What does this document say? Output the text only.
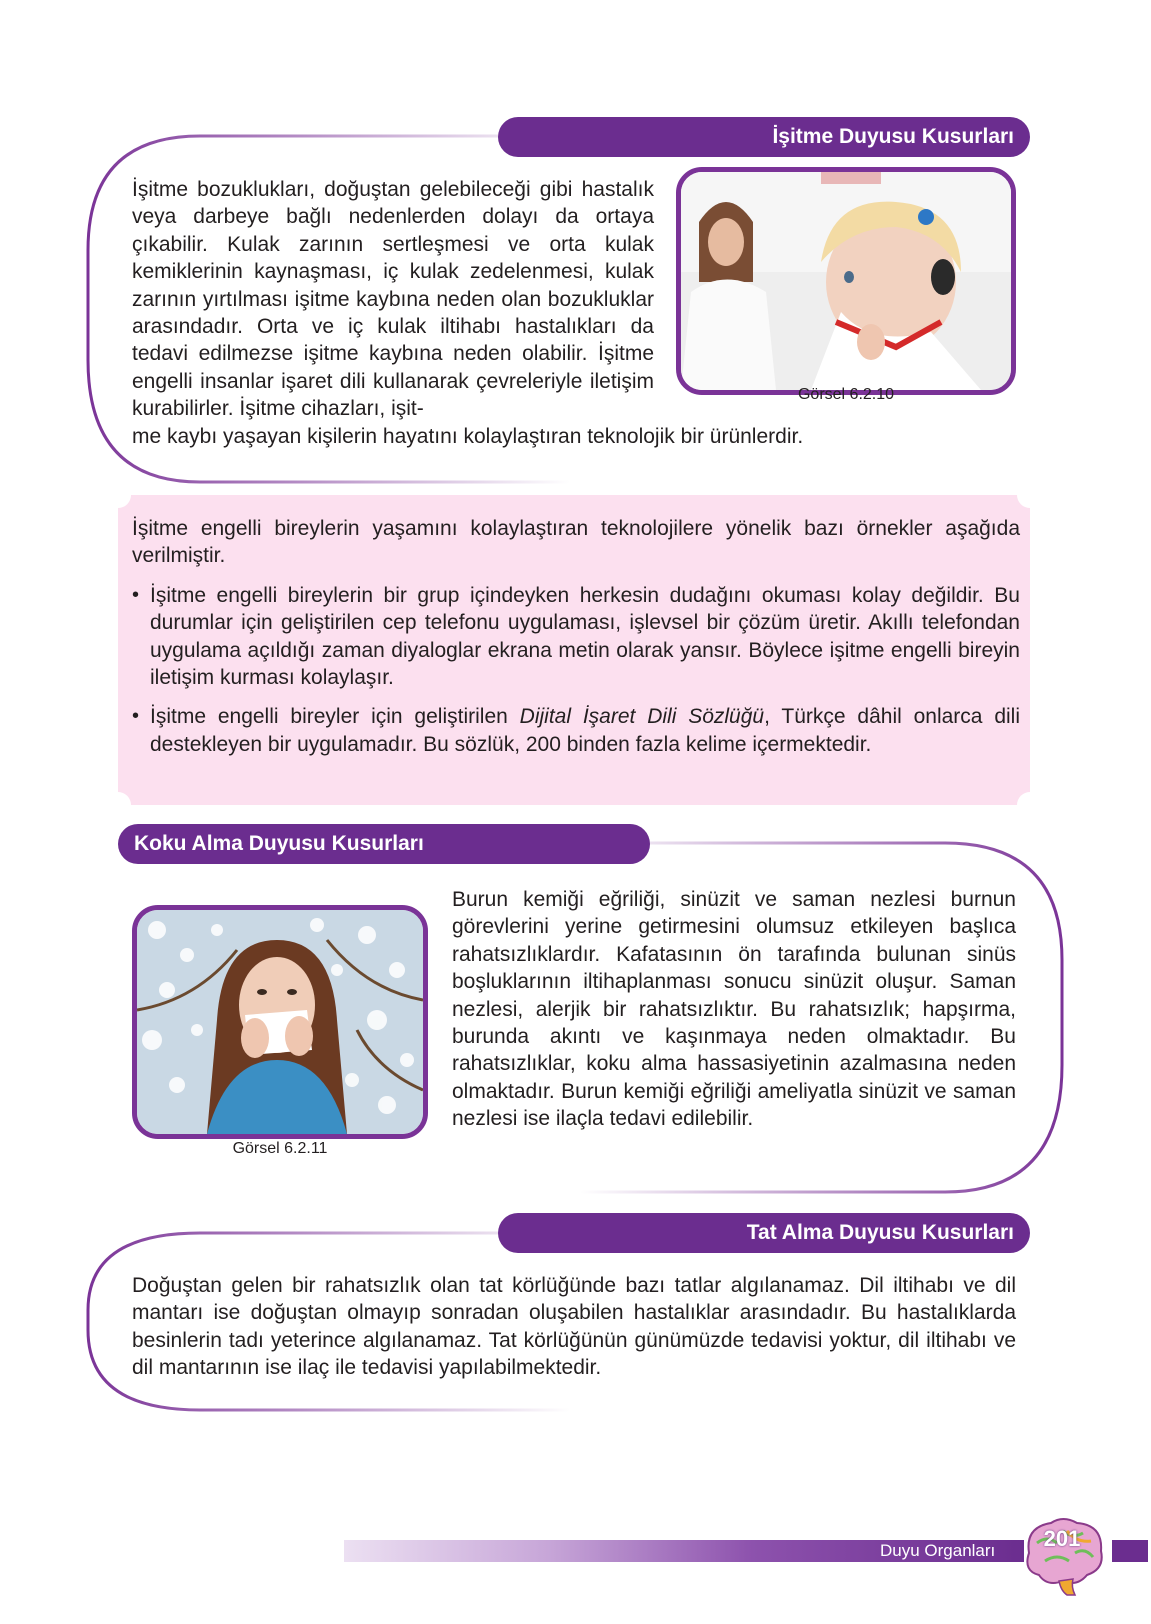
İşitme Duyusu Kusurları
İşitme bozuklukları, doğuştan gelebileceği gibi hastalık veya darbeye bağlı nedenlerden dolayı da ortaya çıkabilir. Kulak zarının sertleşmesi ve orta kulak kemiklerinin kaynaşması, iç kulak zedelenmesi, kulak zarının yırtılması işitme kaybına neden olan bozukluklar arasındadır. Orta ve iç kulak iltihabı hastalıkları da tedavi edilmezse işitme kaybına neden olabilir. İşitme engelli insanlar işaret dili kullanarak çevreleriyle iletişim kurabilirler. İşitme cihazları, işit-
me kaybı yaşayan kişilerin hayatını kolaylaştıran teknolojik bir ürünlerdir.
Görsel 6.2.10
İşitme engelli bireylerin yaşamını kolaylaştıran teknolojilere yönelik bazı örnekler aşağıda verilmiştir.
• İşitme engelli bireylerin bir grup içindeyken herkesin dudağını okuması kolay değildir. Bu durumlar için geliştirilen cep telefonu uygulaması, işlevsel bir çözüm üretir. Akıllı telefondan uygulama açıldığı zaman diyaloglar ekrana metin olarak yansır. Böylece işitme engelli bireyin iletişim kurması kolaylaşır.
• İşitme engelli bireyler için geliştirilen Dijital İşaret Dili Sözlüğü, Türkçe dâhil onlarca dili destekleyen bir uygulamadır. Bu sözlük, 200 binden fazla kelime içermektedir.
Koku Alma Duyusu Kusurları
Görsel 6.2.11
Burun kemiği eğriliği, sinüzit ve saman nezlesi burnun görevlerini yerine getirmesini olumsuz etkileyen başlıca rahatsızlıklardır. Kafatasının ön tarafında bulunan sinüs boşluklarının iltihaplanması sonucu sinüzit oluşur. Saman nezlesi, alerjik bir rahatsızlıktır. Bu rahatsızlık; hapşırma, burunda akıntı ve kaşınmaya neden olmaktadır. Bu rahatsızlıklar, koku alma hassasiyetinin azalmasına neden olmaktadır. Burun kemiği eğriliği ameliyatla sinüzit ve saman nezlesi ise ilaçla tedavi edilebilir.
Tat Alma Duyusu Kusurları
Doğuştan gelen bir rahatsızlık olan tat körlüğünde bazı tatlar algılanamaz. Dil iltihabı ve dil mantarı ise doğuştan olmayıp sonradan oluşabilen hastalıklar arasındadır. Bu hastalıklarda besinlerin tadı yeterince algılanamaz. Tat körlüğünün günümüzde tedavisi yoktur, dil iltihabı ve dil mantarının ise ilaç ile tedavisi yapılabilmektedir.
Duyu Organları	201
